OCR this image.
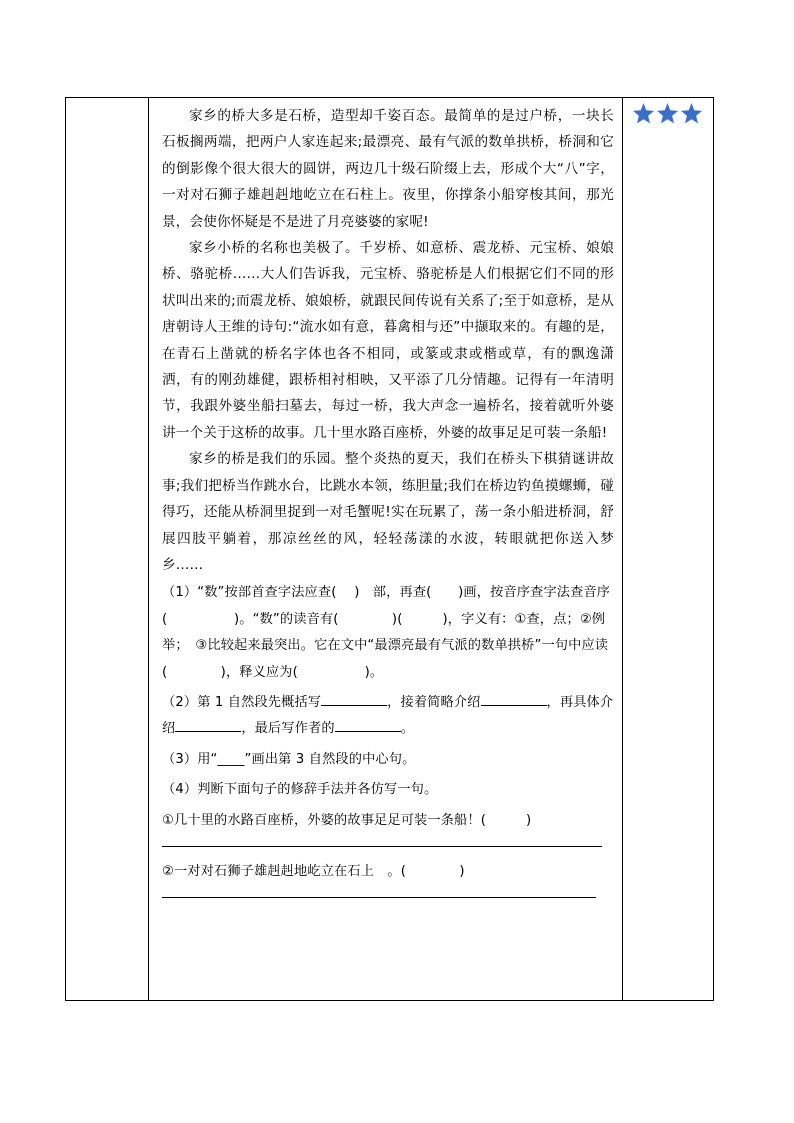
家乡的桥大多是石桥，造型却千姿百态。最简单的是过户桥，一块长石板搁两端，把两户人家连起来;最漂亮、最有气派的数单拱桥，桥洞和它的倒影像个很大很大的圆饼，两边几十级石阶缀上去，形成个大“八”字，一对对石狮子雄赳赳地屹立在石柱上。夜里，你撑条小船穿梭其间，那光景，会使你怀疑是不是进了月亮婆婆的家呢!

家乡小桥的名称也美极了。千岁桥、如意桥、震龙桥、元宝桥、娘娘桥、骆驼桥……大人们告诉我，元宝桥、骆驼桥是人们根据它们不同的形状叫出来的;而震龙桥、娘娘桥，就跟民间传说有关系了;至于如意桥，是从唐朝诗人王维的诗句:“流水如有意，暮禽相与还”中撷取来的。有趣的是，在青石上凿就的桥名字体也各不相同，或篆或隶或楷或草，有的飘逸潇洒，有的刚劲雄健，跟桥相衬相映，又平添了几分情趣。记得有一年清明节，我跟外婆坐船扫墓去，每过一桥，我大声念一遍桥名，接着就听外婆讲一个关于这桥的故事。几十里水路百座桥，外婆的故事足足可装一条船!

家乡的桥是我们的乐园。整个炎热的夏天，我们在桥头下棋猜谜讲故事;我们把桥当作跳水台，比跳水本领，练胆量;我们在桥边钓鱼摸螺蛳，碰得巧，还能从桥洞里捉到一对毛蟹呢!实在玩累了，荡一条小船进桥洞，舒展四肢平躺着，那凉丝丝的风，轻轻荡漾的水波，转眼就把你送入梦乡……

（1）“数”按部首查字法应查(　 )　部，再查(　　)画，按音序查字法查音序(　　　　　)。“数”的读音有(　　　　)(　　　)，字义有：①查，点；②例举；　③比较起来最突出。它在文中“最漂亮最有气派的数单拱桥”一句中应读(　　　　)，释义应为(　　　　　)。

（2）第 1 自然段先概括写	，接着简略介绍	，再具体介绍	，最后写作者的	。

（3）用“____”画出第 3 自然段的中心句。

（4）判断下面句子的修辞手法并各仿写一句。

①几十里的水路百座桥，外婆的故事足足可装一条船！(　　　)

②一对对石狮子雄赳赳地屹立在石上　。(　　　　)
